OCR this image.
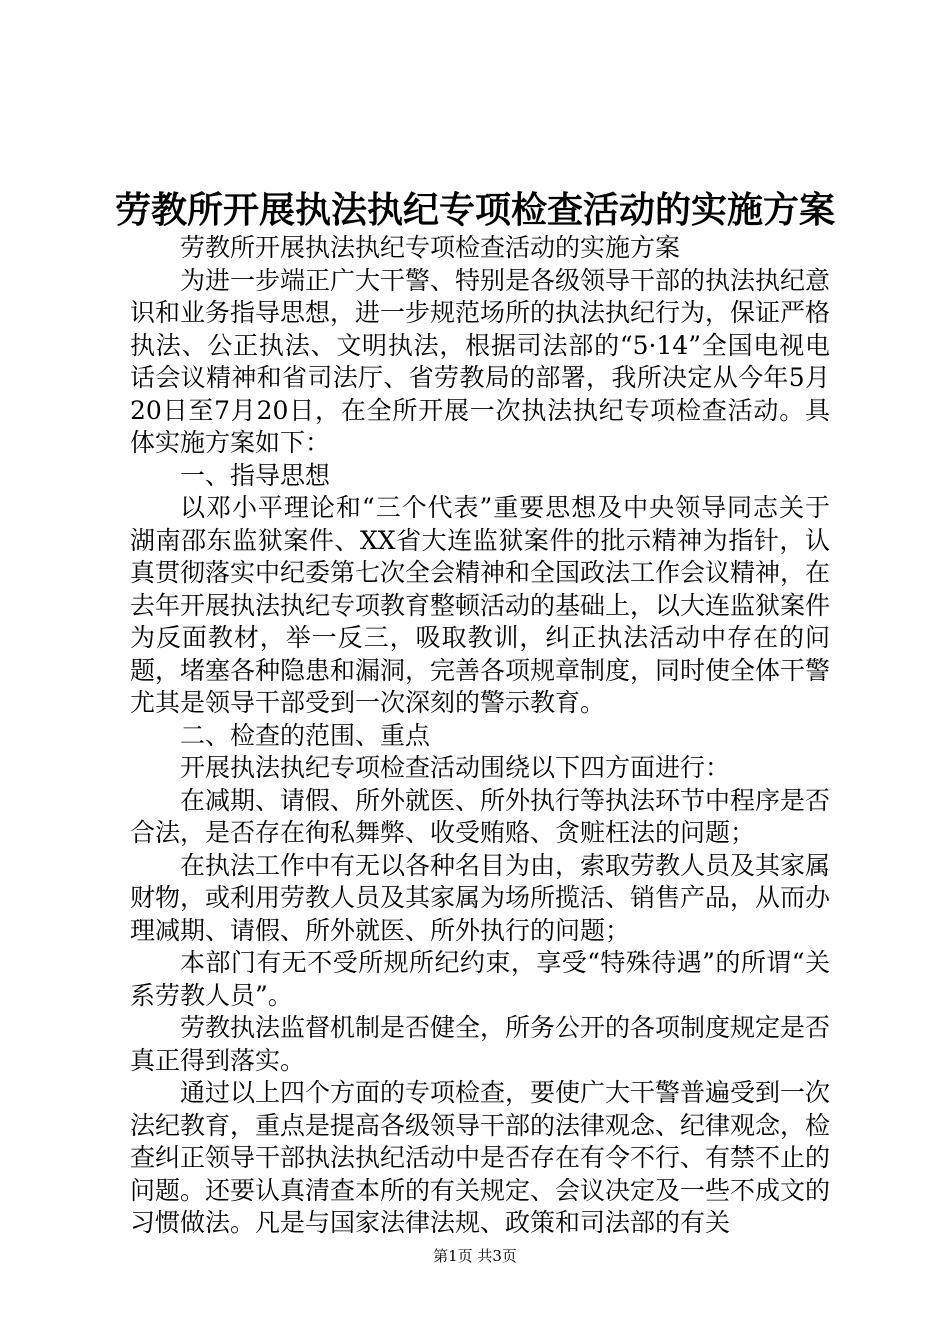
劳教所开展执法执纪专项检查活动的实施方案

劳教所开展执法执纪专项检查活动的实施方案

为进一步端正广大干警、特别是各级领导干部的执法执纪意识和业务指导思想，进一步规范场所的执法执纪行为，保证严格执法、公正执法、文明执法，根据司法部的“5·14”全国电视电话会议精神和省司法厅、省劳教局的部署，我所决定从今年5月20日至7月20日，在全所开展一次执法执纪专项检查活动。具体实施方案如下：

一、指导思想

以邓小平理论和“三个代表”重要思想及中央领导同志关于湖南邵东监狱案件、XX省大连监狱案件的批示精神为指针，认真贯彻落实中纪委第七次全会精神和全国政法工作会议精神，在去年开展执法执纪专项教育整顿活动的基础上，以大连监狱案件为反面教材，举一反三，吸取教训，纠正执法活动中存在的问题，堵塞各种隐患和漏洞，完善各项规章制度，同时使全体干警尤其是领导干部受到一次深刻的警示教育。

二、检查的范围、重点

开展执法执纪专项检查活动围绕以下四方面进行：

在减期、请假、所外就医、所外执行等执法环节中程序是否合法，是否存在徇私舞弊、收受贿赂、贪赃枉法的问题；

在执法工作中有无以各种名目为由，索取劳教人员及其家属财物，或利用劳教人员及其家属为场所揽活、销售产品，从而办理减期、请假、所外就医、所外执行的问题；

本部门有无不受所规所纪约束，享受“特殊待遇”的所谓“关系劳教人员”。

劳教执法监督机制是否健全，所务公开的各项制度规定是否真正得到落实。

通过以上四个方面的专项检查，要使广大干警普遍受到一次法纪教育，重点是提高各级领导干部的法律观念、纪律观念，检查纠正领导干部执法执纪活动中是否存在有令不行、有禁不止的问题。还要认真清查本所的有关规定、会议决定及一些不成文的习惯做法。凡是与国家法律法规、政策和司法部的有关

第1页 共3页
